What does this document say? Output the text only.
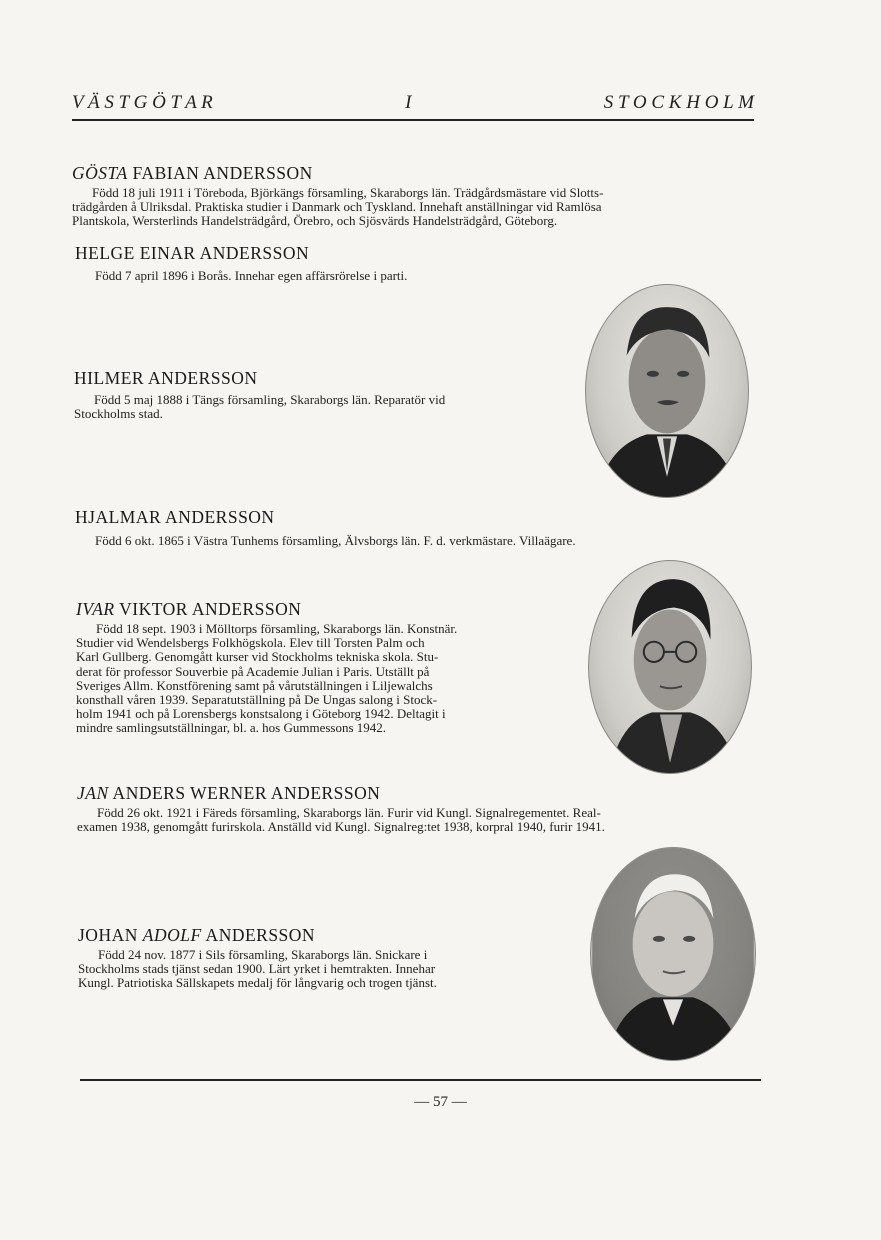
V Ä S T G Ö T A R	I	S T O C K H O L M
GÖSTA FABIAN ANDERSSON
Född 18 juli 1911 i Töreboda, Björkängs församling, Skaraborgs län. Trädgårdsmästare vid Slotts-
trädgården å Ulriksdal. Praktiska studier i Danmark och Tyskland. Innehaft anställningar vid Ramlösa
Plantskola, Wersterlinds Handelsträdgård, Örebro, och Sjösvärds Handelsträdgård, Göteborg.
HELGE EINAR ANDERSSON
Född 7 april 1896 i Borås. Innehar egen affärsrörelse i parti.
HILMER ANDERSSON
Född 5 maj 1888 i Tängs församling, Skaraborgs län. Reparatör vid
Stockholms stad.
HJALMAR ANDERSSON
Född 6 okt. 1865 i Västra Tunhems församling, Älvsborgs län. F. d. verkmästare. Villaägare.
IVAR VIKTOR ANDERSSON
Född 18 sept. 1903 i Mölltorps församling, Skaraborgs län. Konstnär.
Studier vid Wendelsbergs Folkhögskola. Elev till Torsten Palm och
Karl Gullberg. Genomgått kurser vid Stockholms tekniska skola. Stu-
derat för professor Souverbie på Academie Julian i Paris. Utställt på
Sveriges Allm. Konstförening samt på vårutställningen i Liljewalchs
konsthall våren 1939. Separatutställning på De Ungas salong i Stock-
holm 1941 och på Lorensbergs konstsalong i Göteborg 1942. Deltagit i
mindre samlingsutställningar, bl. a. hos Gummessons 1942.
JAN ANDERS WERNER ANDERSSON
Född 26 okt. 1921 i Färeds församling, Skaraborgs län. Furir vid Kungl. Signalregementet. Real-
examen 1938, genomgått furirskola. Anställd vid Kungl. Signalreg:tet 1938, korpral 1940, furir 1941.
JOHAN ADOLF ANDERSSON
Född 24 nov. 1877 i Sils församling, Skaraborgs län. Snickare i
Stockholms stads tjänst sedan 1900. Lärt yrket i hemtrakten. Innehar
Kungl. Patriotiska Sällskapets medalj för långvarig och trogen tjänst.
— 57 —
